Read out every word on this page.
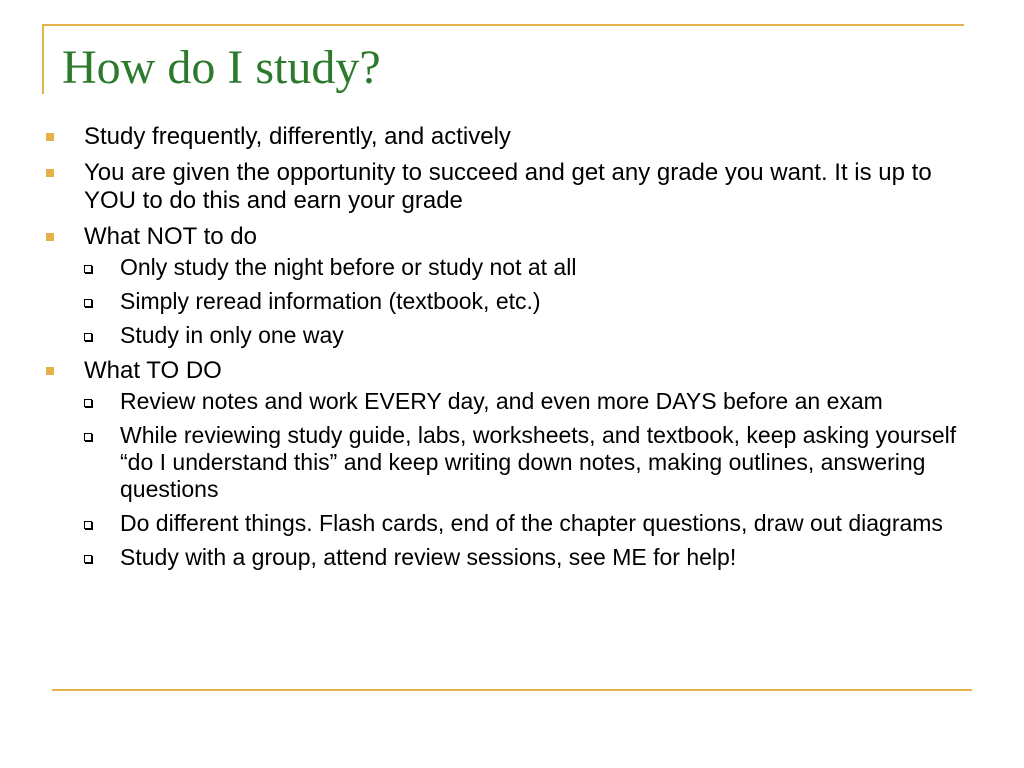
How do I study?
Study frequently, differently, and actively
You are given the opportunity to succeed and get any grade you want. It is up to YOU to do this and earn your grade
What NOT to do
Only study the night before or study not at all
Simply reread information (textbook, etc.)
Study in only one way
What TO DO
Review notes and work EVERY day, and even more DAYS before an exam
While reviewing study guide, labs, worksheets, and textbook, keep asking yourself “do I understand this” and keep writing down notes, making outlines, answering questions
Do different things. Flash cards, end of the chapter questions, draw out diagrams
Study with a group, attend review sessions, see ME for help!
